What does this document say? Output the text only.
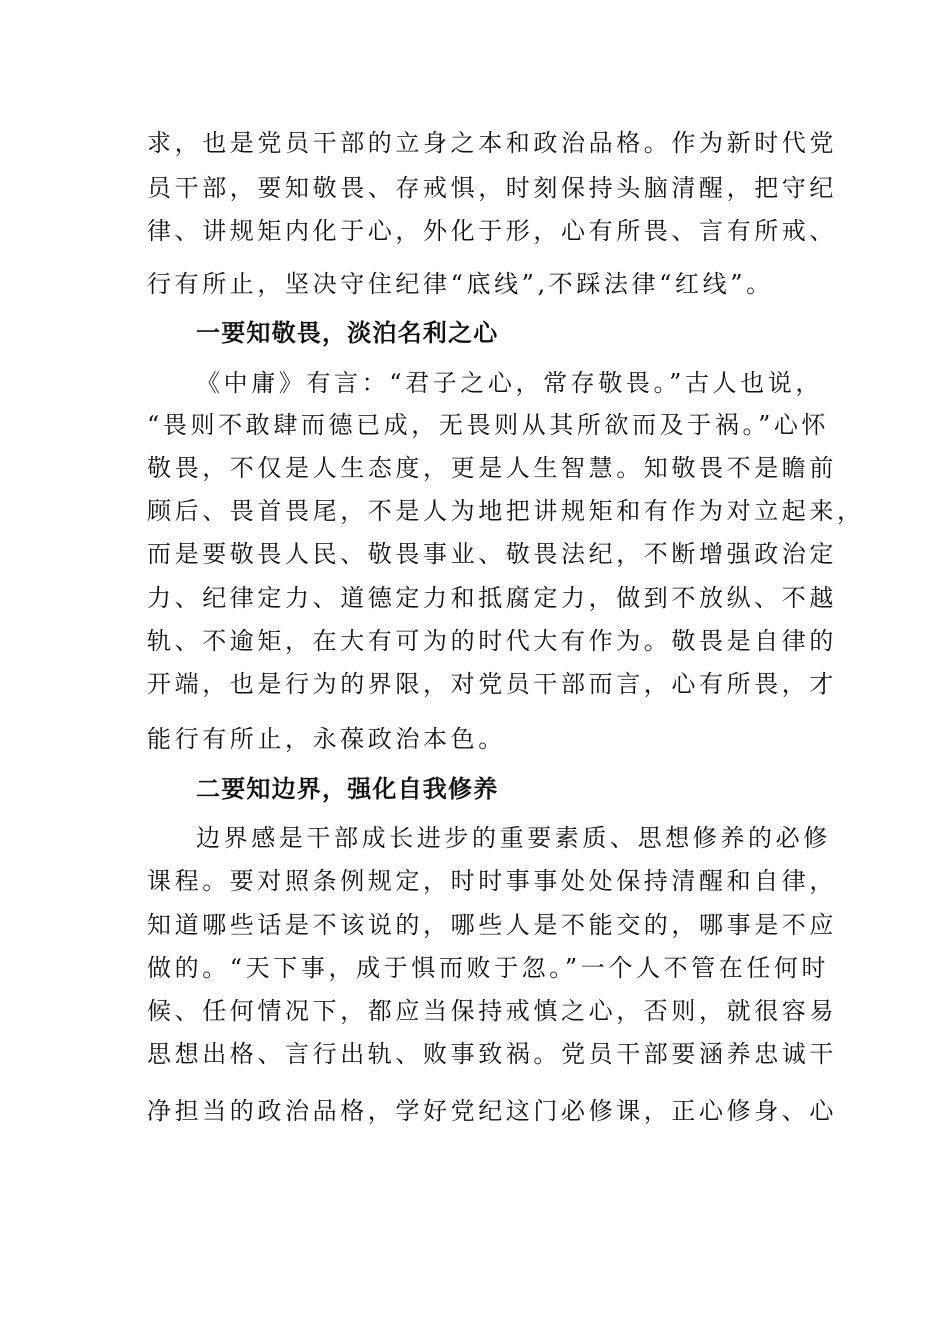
求，也是党员干部的立身之本和政治品格。作为新时代党
员干部，要知敬畏、存戒惧，时刻保持头脑清醒，把守纪
律、讲规矩内化于心，外化于形，心有所畏、言有所戒、
行有所止，坚决守住纪律“底线”,不踩法律“红线”。
一要知敬畏，淡泊名利之心
《中庸》有言：“君子之心，常存敬畏。”古人也说，
“畏则不敢肆而德已成，无畏则从其所欲而及于祸。”心怀
敬畏，不仅是人生态度，更是人生智慧。知敬畏不是瞻前
顾后、畏首畏尾，不是人为地把讲规矩和有作为对立起来，
而是要敬畏人民、敬畏事业、敬畏法纪，不断增强政治定
力、纪律定力、道德定力和抵腐定力，做到不放纵、不越
轨、不逾矩，在大有可为的时代大有作为。敬畏是自律的
开端，也是行为的界限，对党员干部而言，心有所畏，才
能行有所止，永葆政治本色。
二要知边界，强化自我修养
边界感是干部成长进步的重要素质、思想修养的必修
课程。要对照条例规定，时时事事处处保持清醒和自律，
知道哪些话是不该说的，哪些人是不能交的，哪事是不应
做的。“天下事，成于惧而败于忽。”一个人不管在任何时
候、任何情况下，都应当保持戒慎之心，否则，就很容易
思想出格、言行出轨、败事致祸。党员干部要涵养忠诚干
净担当的政治品格，学好党纪这门必修课，正心修身、心
